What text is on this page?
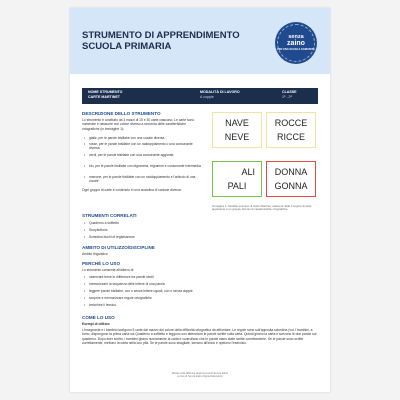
STRUMENTO DI APPRENDIMENTO
SCUOLA PRIMARIA
senza
zaino
PER UNA SCUOLA COMUNITÀ
NOME STRUMENTO
CARTE MARTINET
MODALITÀ DI LAVORO
A coppie
CLASSE
1ª - 2ª
DESCRIZIONE DELLO STRUMENTO
Lo strumento è costituito da 3 mazzi di 15 e 30 carte ciascuno. Le carte sono numerate e riassunte con colore diverso a seconda delle caratteristiche ortografiche (in immagine 1):
• gialle, per le parole bisillabe con una vocale diversa
• rosse, per le parole bisillabe con un raddoppiamento o una consonante diversa
• verdi, per le parole bisillabe con una consonante aggiunta
• blu, per le parole bisillabe con digramma, trigrammi e consonante intermedia
• marrone, per le parole bisillabe con un raddoppiamento e l'articolo di una vocale
Ogni gruppo di carte è contenuto in una scatolina di cartone diversa.
NAVE
NEVE
ROCCE
RICCE
ALI
PALI
DONNA
GONNA
Immagine 1: Modello esempio di Carte Martinet, ciascuna delle 4 coppie di carte appartiene a un gruppo diverso di caratteristiche ortografiche.
STRUMENTI CORRELATI
• Quaderno a soffietto
• Storybuttons
• Schedina buchi di registrazione
AMBITO DI UTILIZZO/DISCIPLINE
Ambito linguistico
PERCHÉ LO USO
Lo strumento consente all'allievo di:
• osservare bene le differenze tra parole simili
• memorizzare la sequenza delle lettere di una parola
• leggere parole bisillabe, con o senza lettere uguali, con o senza doppie
• scoprire e memorizzare regole ortografiche
• arricchire il lessico.
COME LO USO
Esempi di utilizzo
L'insegnante e i bambini scelgono 5 carte dal mazzo del colore della difficoltà ortografica da affrontare. Le regole sono sull'apposita schedina (vol. I bambini, a turno, dispongono la prima carta sul Quaderno a soffietto e leggono con attenzione le parole scritte sulla carta. Quindi girano la carta e scrivono le due parole sul quaderno. Dopo aver scritto, i bambini girano nuovamente la carta e controllano che le parole siano state scritte correttamente. Se le parole sono scritte correttamente, mettono la carta nella loro pila. Se le parole sono sbagliate, tornano all'inizio e ripetono l'esercizio.
Ideato nella fabbrica degli strumenti Senza Zaino
a cura di Senza Zaino Digital Education
